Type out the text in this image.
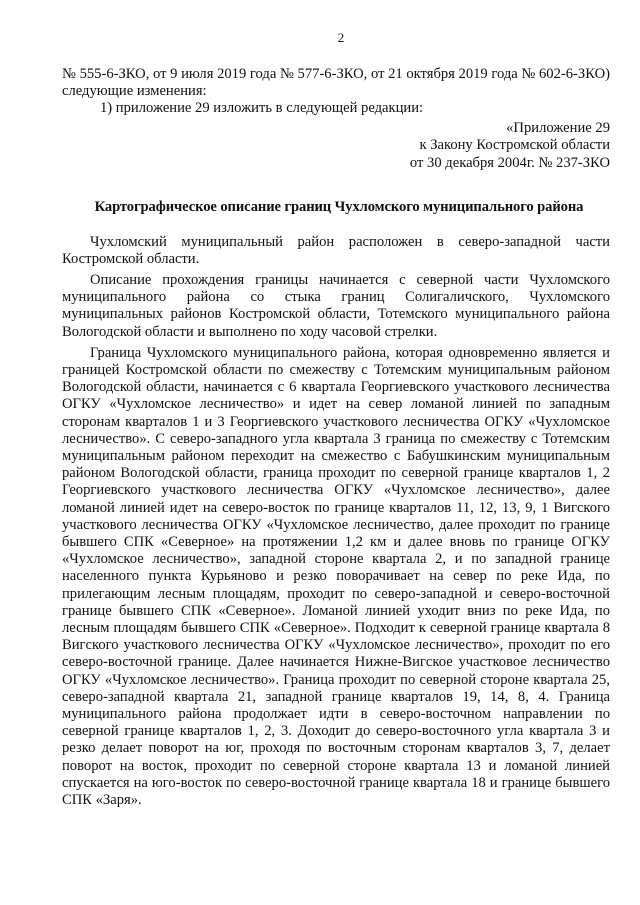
2

№ 555-6-ЗКО, от 9 июля 2019 года № 577-6-ЗКО, от 21 октября 2019 года № 602-6-ЗКО) следующие изменения:

1) приложение 29 изложить в следующей редакции:

«Приложение 29
к Закону Костромской области
от 30 декабря 2004г. № 237-ЗКО

Картографическое описание границ Чухломского муниципального района

Чухломский муниципальный район расположен в северо-западной части Костромской области.

Описание прохождения границы начинается с северной части Чухломского муниципального района со стыка границ Солигаличского, Чухломского муниципальных районов Костромской области, Тотемского муниципального района Вологодской области и выполнено по ходу часовой стрелки.

Граница Чухломского муниципального района, которая одновременно является и границей Костромской области по смежеству с Тотемским муниципальным районом Вологодской области, начинается с 6 квартала Георгиевского участкового лесничества ОГКУ «Чухломское лесничество» и идет на север ломаной линией по западным сторонам кварталов 1 и 3 Георгиевского участкового лесничества ОГКУ «Чухломское лесничество». С северо-западного угла квартала 3 граница по смежеству с Тотемским муниципальным районом переходит на смежество с Бабушкинским муниципальным районом Вологодской области, граница проходит по северной границе кварталов 1, 2 Георгиевского участкового лесничества ОГКУ «Чухломское лесничество», далее ломаной линией идет на северо-восток по границе кварталов 11, 12, 13, 9, 1 Вигского участкового лесничества ОГКУ «Чухломское лесничество, далее проходит по границе бывшего СПК «Северное» на протяжении 1,2 км и далее вновь по границе ОГКУ «Чухломское лесничество», западной стороне квартала 2, и по западной границе населенного пункта Курьяново и резко поворачивает на север по реке Ида, по прилегающим лесным площадям, проходит по северо-западной и северо-восточной границе бывшего СПК «Северное». Ломаной линией уходит вниз по реке Ида, по лесным площадям бывшего СПК «Северное». Подходит к северной границе квартала 8 Вигского участкового лесничества ОГКУ «Чухломское лесничество», проходит по его северо-восточной границе. Далее начинается Нижне-Вигское участковое лесничество ОГКУ «Чухломское лесничество». Граница проходит по северной стороне квартала 25, северо-западной квартала 21, западной границе кварталов 19, 14, 8, 4. Граница муниципального района продолжает идти в северо-восточном направлении по северной границе кварталов 1, 2, 3. Доходит до северо-восточного угла квартала 3 и резко делает поворот на юг, проходя по восточным сторонам кварталов 3, 7, делает поворот на восток, проходит по северной стороне квартала 13 и ломаной линией спускается на юго-восток по северо-восточной границе квартала 18 и границе бывшего СПК «Заря».
